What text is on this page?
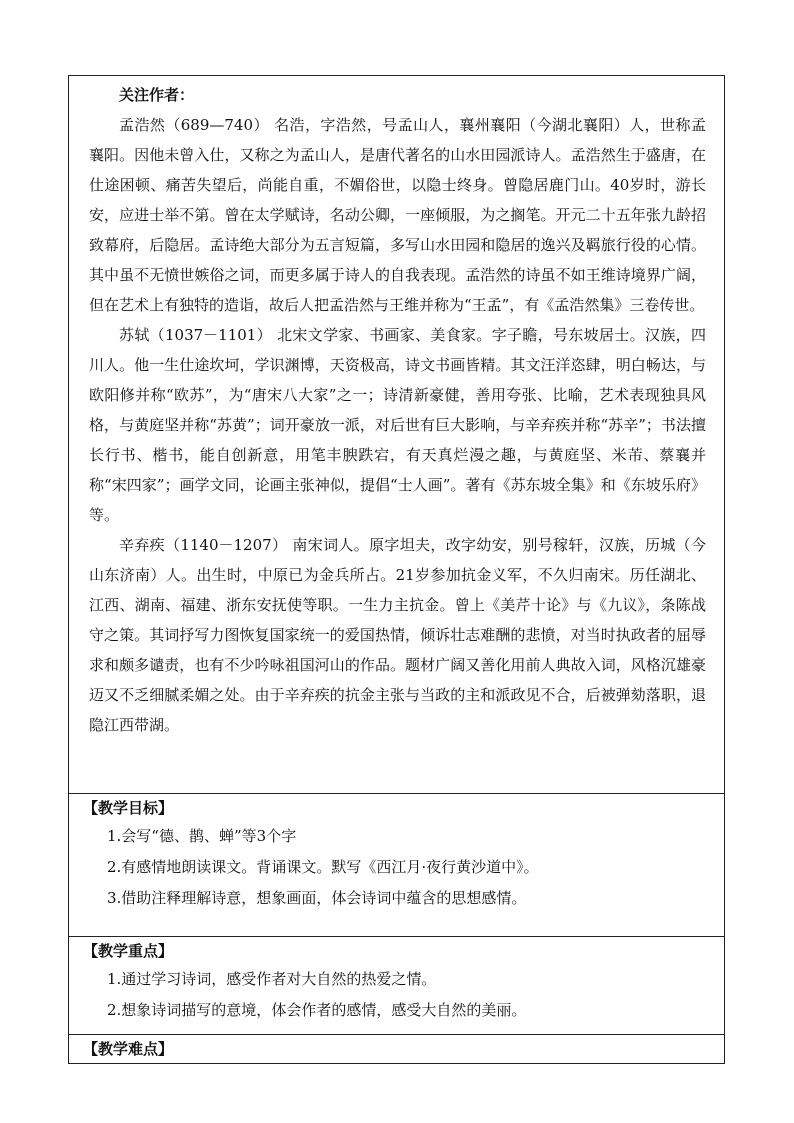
关注作者：

孟浩然（689—740） 名浩，字浩然，号孟山人，襄州襄阳（今湖北襄阳）人，世称孟襄阳。因他未曾入仕，又称之为孟山人，是唐代著名的山水田园派诗人。孟浩然生于盛唐，在仕途困顿、痛苦失望后，尚能自重，不媚俗世，以隐士终身。曾隐居鹿门山。40岁时，游长安，应进士举不第。曾在太学赋诗，名动公卿，一座倾服，为之搁笔。开元二十五年张九龄招致幕府，后隐居。孟诗绝大部分为五言短篇，多写山水田园和隐居的逸兴及羁旅行役的心情。其中虽不无愤世嫉俗之词，而更多属于诗人的自我表现。孟浩然的诗虽不如王维诗境界广阔，但在艺术上有独特的造诣，故后人把孟浩然与王维并称为“王孟”，有《孟浩然集》三卷传世。

苏轼（1037－1101） 北宋文学家、书画家、美食家。字子瞻，号东坡居士。汉族，四川人。他一生仕途坎坷，学识渊博，天资极高，诗文书画皆精。其文汪洋恣肆，明白畅达，与欧阳修并称“欧苏”，为“唐宋八大家”之一；诗清新豪健，善用夸张、比喻，艺术表现独具风格，与黄庭坚并称“苏黄”；词开豪放一派，对后世有巨大影响，与辛弃疾并称“苏辛”；书法擅长行书、楷书，能自创新意，用笔丰腴跌宕，有天真烂漫之趣，与黄庭坚、米芾、蔡襄并称“宋四家”；画学文同，论画主张神似，提倡“士人画”。著有《苏东坡全集》和《东坡乐府》等。

辛弃疾（1140－1207） 南宋词人。原字坦夫，改字幼安，别号稼轩，汉族，历城（今山东济南）人。出生时，中原已为金兵所占。21岁参加抗金义军，不久归南宋。历任湖北、江西、湖南、福建、浙东安抚使等职。一生力主抗金。曾上《美芹十论》与《九议》，条陈战守之策。其词抒写力图恢复国家统一的爱国热情，倾诉壮志难酬的悲愤，对当时执政者的屈辱求和颇多谴责，也有不少吟咏祖国河山的作品。题材广阔又善化用前人典故入词，风格沉雄豪迈又不乏细腻柔媚之处。由于辛弃疾的抗金主张与当政的主和派政见不合，后被弹劾落职，退隐江西带湖。

【教学目标】

1.会写“德、鹊、蝉”等3个字

2.有感情地朗读课文。背诵课文。默写《西江月·夜行黄沙道中》。

3.借助注释理解诗意，想象画面，体会诗词中蕴含的思想感情。

【教学重点】

1.通过学习诗词，感受作者对大自然的热爱之情。

2.想象诗词描写的意境，体会作者的感情，感受大自然的美丽。

【教学难点】
